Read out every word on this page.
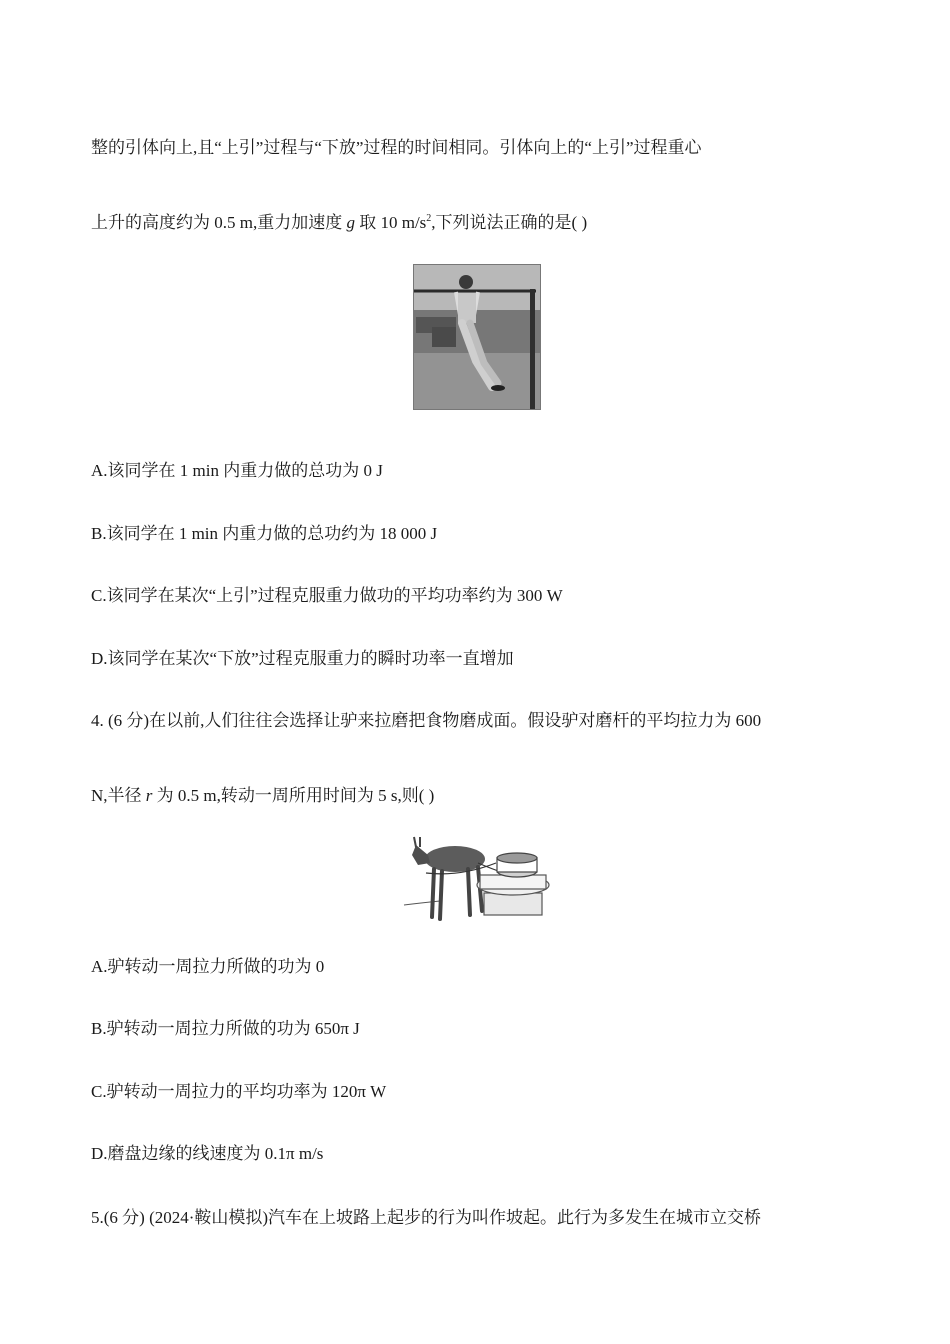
整的引体向上,且“上引”过程与“下放”过程的时间相同。引体向上的“上引”过程重心
上升的高度约为 0.5 m,重力加速度 g 取 10 $m/s^2$,下列说法正确的是( )
A.该同学在 1 min 内重力做的总功为 0 J
B.该同学在 1 min 内重力做的总功约为 18 000 J
C.该同学在某次“上引”过程克服重力做功的平均功率约为 300 W
D.该同学在某次“下放”过程克服重力的瞬时功率一直增加
4. (6 分)在以前,人们往往会选择让驴来拉磨把食物磨成面。假设驴对磨杆的平均拉力为 600
N,半径 r 为 0.5 m,转动一周所用时间为 5 s,则( )
A.驴转动一周拉力所做的功为 0
B.驴转动一周拉力所做的功为 650π J
C.驴转动一周拉力的平均功率为 120π W
D.磨盘边缘的线速度为 0.1π m/s
5.(6 分) (2024·鞍山模拟)汽车在上坡路上起步的行为叫作坡起。此行为多发生在城市立交桥
